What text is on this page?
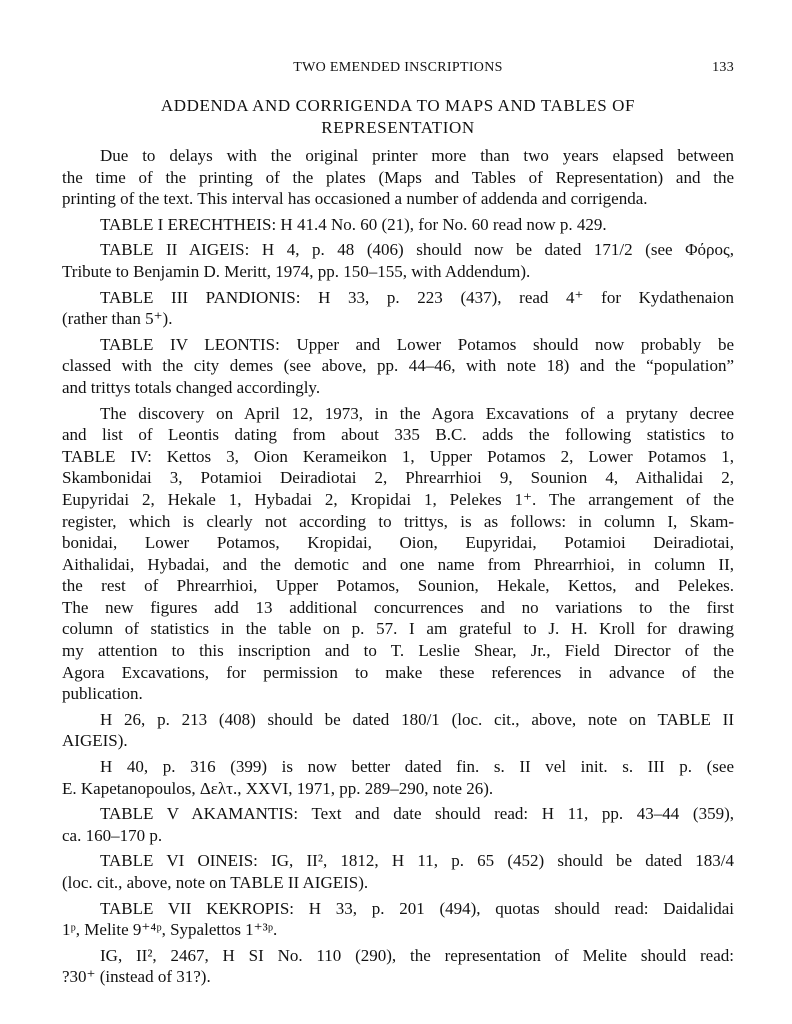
TWO EMENDED INSCRIPTIONS	133
ADDENDA AND CORRIGENDA TO MAPS AND TABLES OF
REPRESENTATION
Due to delays with the original printer more than two years elapsed between
the time of the printing of the plates (Maps and Tables of Representation) and the
printing of the text. This interval has occasioned a number of addenda and corrigenda.
TABLE I ERECHTHEIS: H 41.4 No. 60 (21), for No. 60 read now p. 429.
TABLE II AIGEIS: H 4, p. 48 (406) should now be dated 171/2 (see Φόρος,
Tribute to Benjamin D. Meritt, 1974, pp. 150–155, with Addendum).
TABLE III PANDIONIS: H 33, p. 223 (437), read 4⁺ for Kydathenaion
(rather than 5⁺).
TABLE IV LEONTIS: Upper and Lower Potamos should now probably be
classed with the city demes (see above, pp. 44–46, with note 18) and the “population”
and trittys totals changed accordingly.
The discovery on April 12, 1973, in the Agora Excavations of a prytany decree
and list of Leontis dating from about 335 B.C. adds the following statistics to
TABLE IV: Kettos 3, Oion Kerameikon 1, Upper Potamos 2, Lower Potamos 1,
Skambonidai 3, Potamioi Deiradiotai 2, Phrearrhioi 9, Sounion 4, Aithalidai 2,
Eupyridai 2, Hekale 1, Hybadai 2, Kropidai 1, Pelekes 1⁺. The arrangement of the
register, which is clearly not according to trittys, is as follows: in column I, Skam-
bonidai, Lower Potamos, Kropidai, Oion, Eupyridai, Potamioi Deiradiotai,
Aithalidai, Hybadai, and the demotic and one name from Phrearrhioi, in column II,
the rest of Phrearrhioi, Upper Potamos, Sounion, Hekale, Kettos, and Pelekes.
The new figures add 13 additional concurrences and no variations to the first
column of statistics in the table on p. 57. I am grateful to J. H. Kroll for drawing
my attention to this inscription and to T. Leslie Shear, Jr., Field Director of the
Agora Excavations, for permission to make these references in advance of the
publication.
H 26, p. 213 (408) should be dated 180/1 (loc. cit., above, note on TABLE II
AIGEIS).
H 40, p. 316 (399) is now better dated fin. s. II vel init. s. III p. (see
E. Kapetanopoulos, Δελτ., XXVI, 1971, pp. 289–290, note 26).
TABLE V AKAMANTIS: Text and date should read: H 11, pp. 43–44 (359),
ca. 160–170 p.
TABLE VI OINEIS: IG, II², 1812, H 11, p. 65 (452) should be dated 183/4
(loc. cit., above, note on TABLE II AIGEIS).
TABLE VII KEKROPIS: H 33, p. 201 (494), quotas should read: Daidalidai
1ᵖ, Melite 9⁺⁴ᵖ, Sypalettos 1⁺³ᵖ.
IG, II², 2467, H SI No. 110 (290), the representation of Melite should read:
?30⁺ (instead of 31?).
